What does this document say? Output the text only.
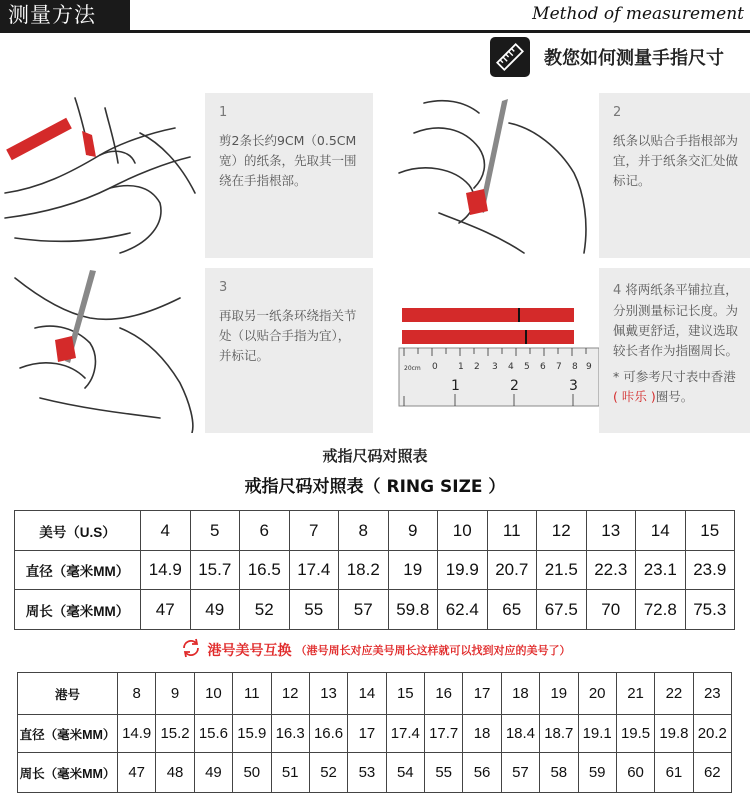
测量方法	Method of measurement
教您如何测量手指尺寸
1
剪2条长约9CM（0.5CM宽）的纸条，先取其一围绕在手指根部。
2
纸条以贴合手指根部为宜，并于纸条交汇处做标记。
3
再取另一纸条环绕指关节处（以贴合手指为宜），并标记。
20cm 0 1 2 3 4 5 6 7 8 9
1	2	3
4 将两纸条平铺拉直，分别测量标记长度。为佩戴更舒适，建议选取较长者作为指圈周长。
* 可参考尺寸表中香港( 咔乐 )圈号。
戒指尺码对照表
戒指尺码对照表（ RING SIZE ）
美号（U.S）	4	5	6	7	8	9	10	11	12	13	14	15
直径（毫米MM）	14.9	15.7	16.5	17.4	18.2	19	19.9	20.7	21.5	22.3	23.1	23.9
周长（毫米MM）	47	49	52	55	57	59.8	62.4	65	67.5	70	72.8	75.3
港号美号互换 （港号周长对应美号周长这样就可以找到对应的美号了）
港号	8	9	10	11	12	13	14	15	16	17	18	19	20	21	22	23
直径（毫米MM）	14.9	15.2	15.6	15.9	16.3	16.6	17	17.4	17.7	18	18.4	18.7	19.1	19.5	19.8	20.2
周长（毫米MM）	47	48	49	50	51	52	53	54	55	56	57	58	59	60	61	62
